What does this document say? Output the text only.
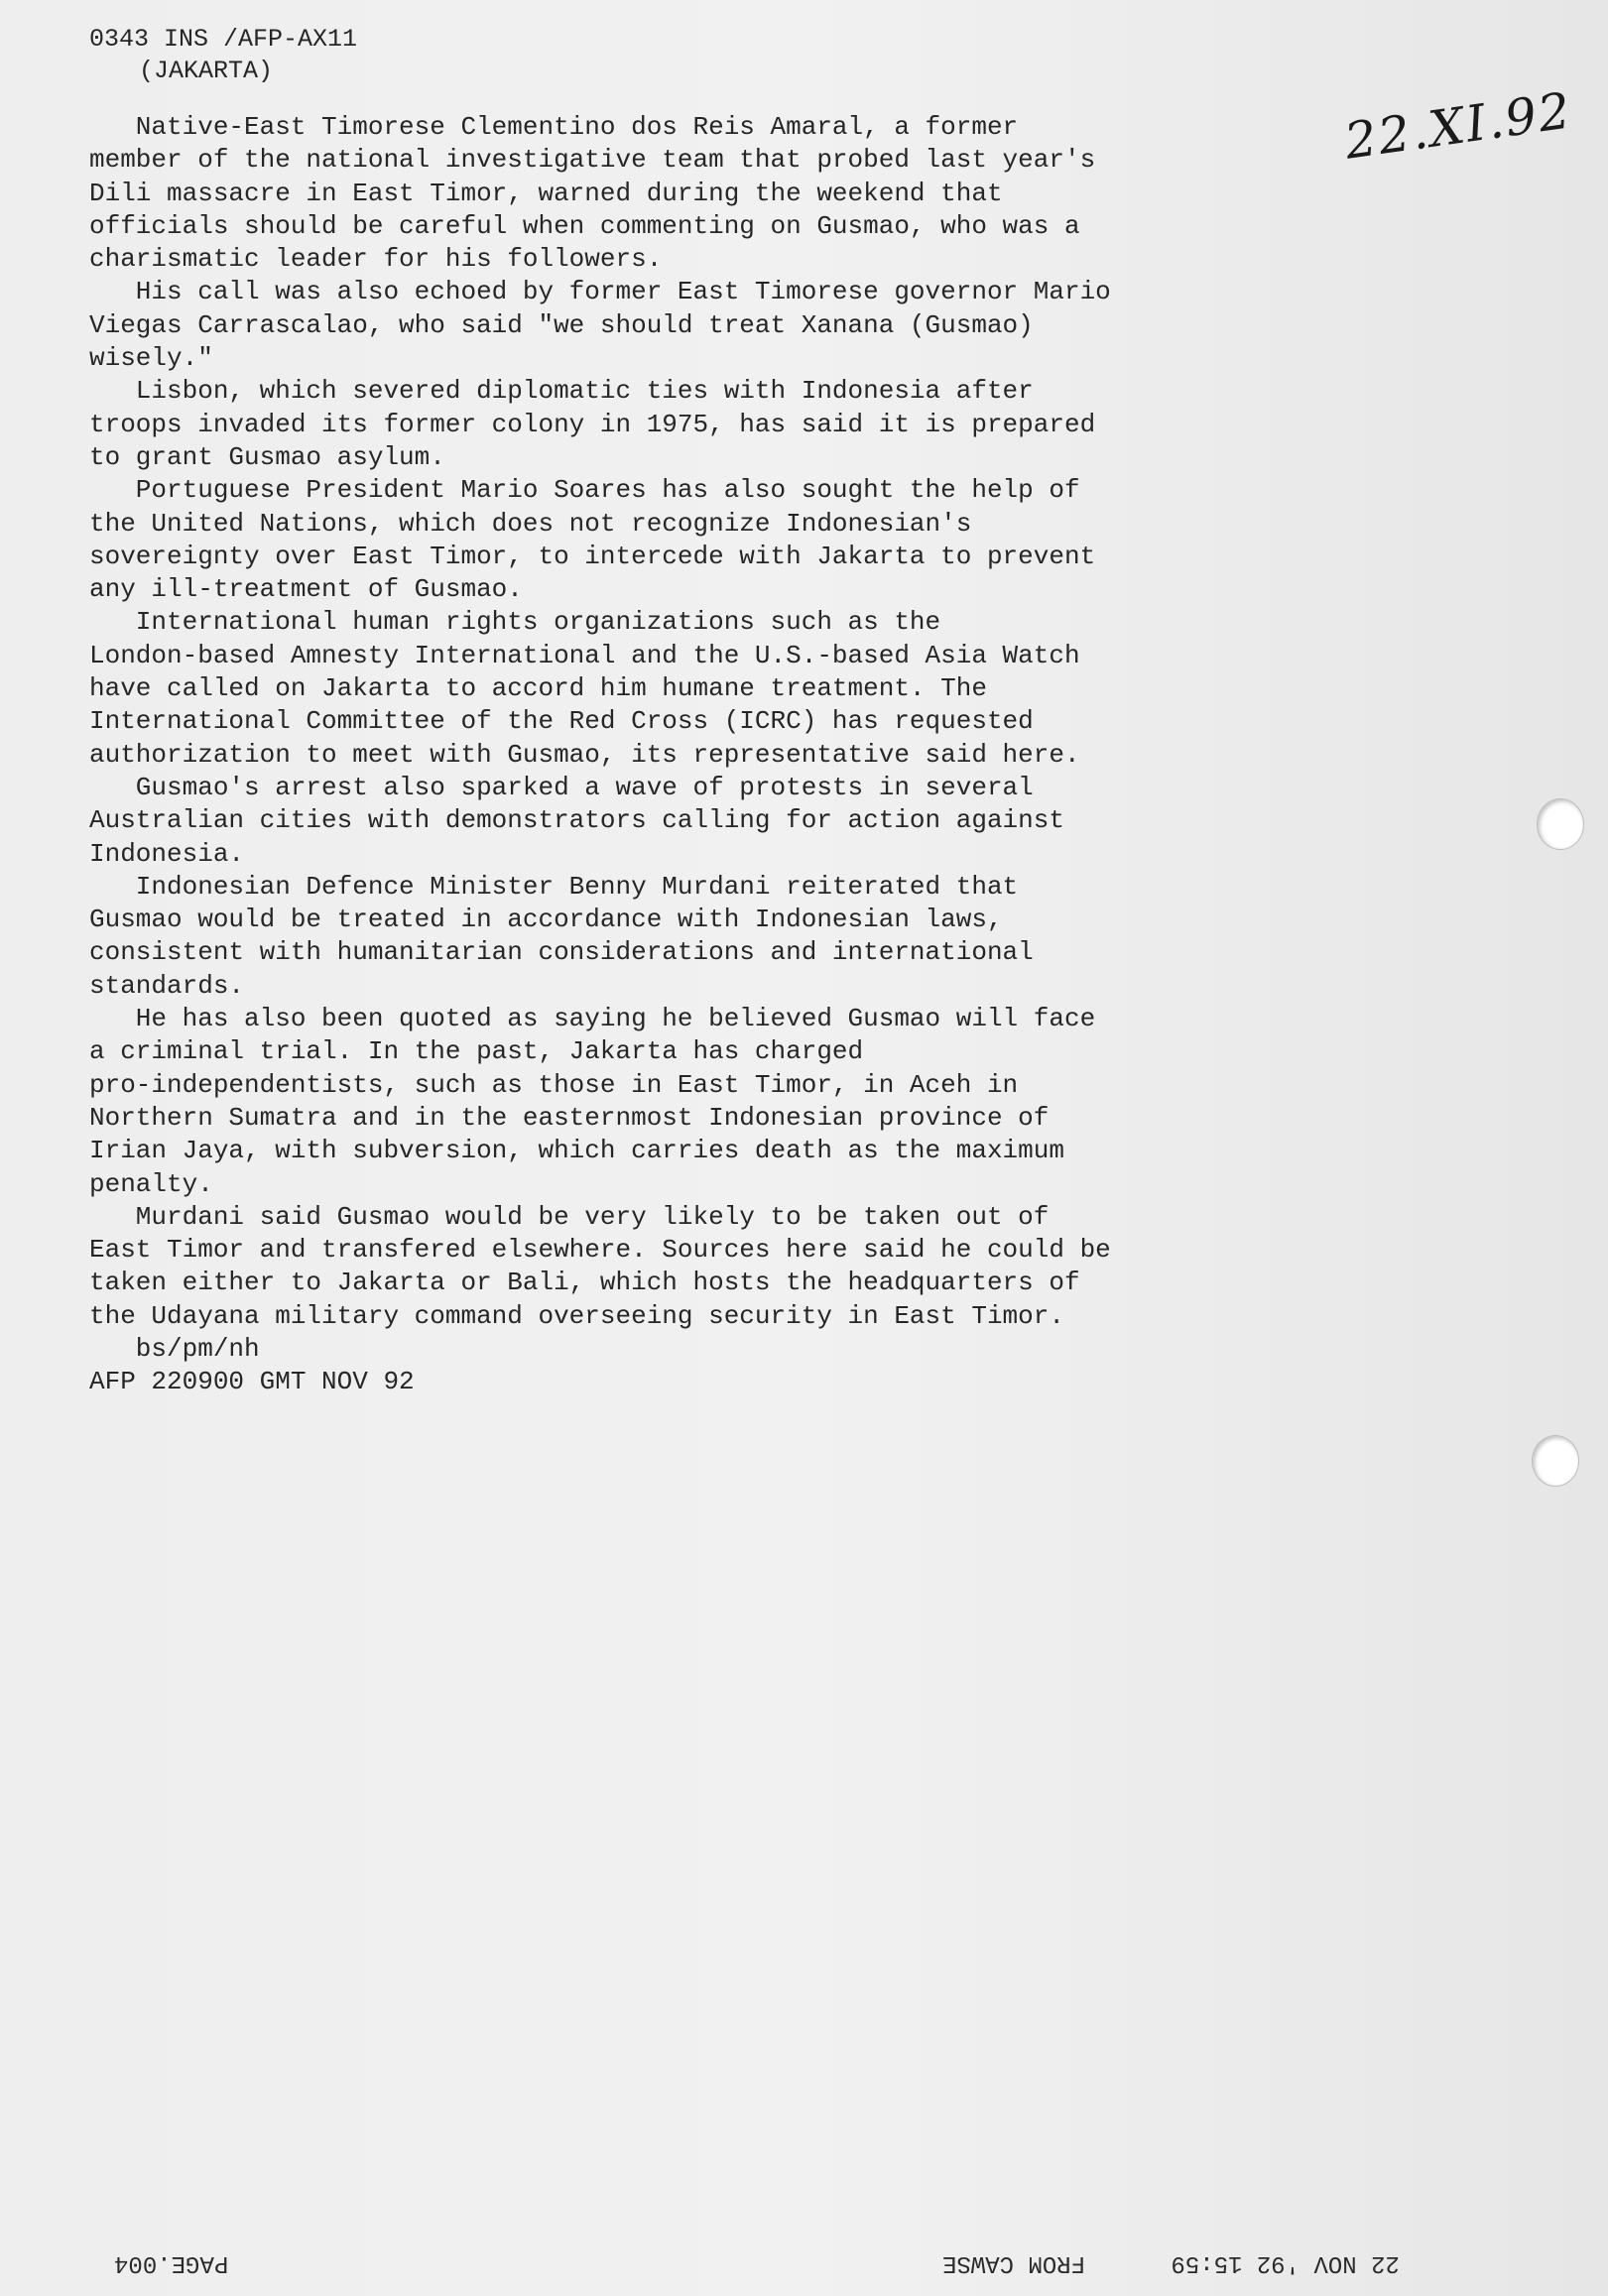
0343 INS /AFP-AX11
(JAKARTA)
22.XI.92
Native-East Timorese Clementino dos Reis Amaral, a former
member of the national investigative team that probed last year's
Dili massacre in East Timor, warned during the weekend that
officials should be careful when commenting on Gusmao, who was a
charismatic leader for his followers.
His call was also echoed by former East Timorese governor Mario
Viegas Carrascalao, who said "we should treat Xanana (Gusmao)
wisely."
Lisbon, which severed diplomatic ties with Indonesia after
troops invaded its former colony in 1975, has said it is prepared
to grant Gusmao asylum.
Portuguese President Mario Soares has also sought the help of
the United Nations, which does not recognize Indonesian's
sovereignty over East Timor, to intercede with Jakarta to prevent
any ill-treatment of Gusmao.
International human rights organizations such as the
London-based Amnesty International and the U.S.-based Asia Watch
have called on Jakarta to accord him humane treatment. The
International Committee of the Red Cross (ICRC) has requested
authorization to meet with Gusmao, its representative said here.
Gusmao's arrest also sparked a wave of protests in several
Australian cities with demonstrators calling for action against
Indonesia.
Indonesian Defence Minister Benny Murdani reiterated that
Gusmao would be treated in accordance with Indonesian laws,
consistent with humanitarian considerations and international
standards.
He has also been quoted as saying he believed Gusmao will face
a criminal trial. In the past, Jakarta has charged
pro-independentists, such as those in East Timor, in Aceh in
Northern Sumatra and in the easternmost Indonesian province of
Irian Jaya, with subversion, which carries death as the maximum
penalty.
Murdani said Gusmao would be very likely to be taken out of
East Timor and transfered elsewhere. Sources here said he could be
taken either to Jakarta or Bali, which hosts the headquarters of
the Udayana military command overseeing security in East Timor.
bs/pm/nh
AFP 220900 GMT NOV 92
PAGE.004	22 NOV '92 15:59      FROM CAWSE
